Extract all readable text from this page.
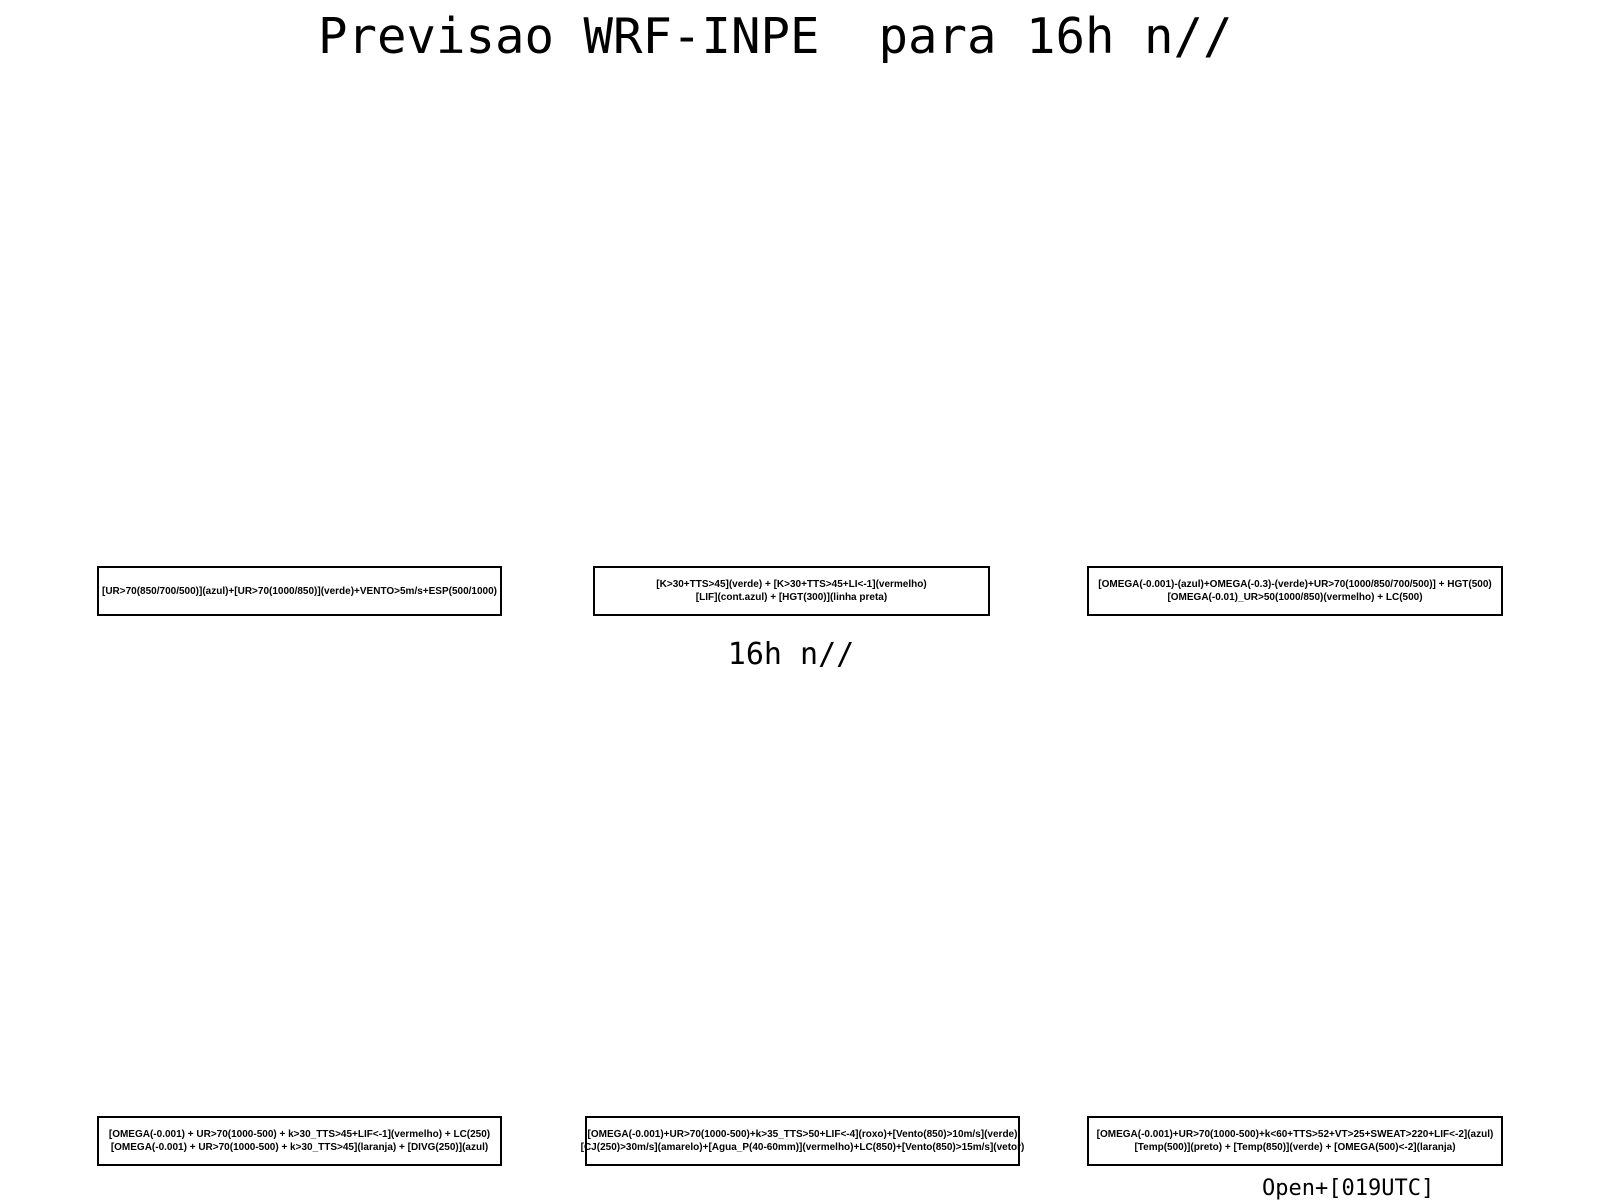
Previsao WRF-INPE  para 16h n//
[UR>70(850/700/500)](azul)+[UR>70(1000/850)](verde)+VENTO>5m/s+ESP(500/1000)
[K>30+TTS>45](verde) + [K>30+TTS>45+LI<-1](vermelho)
[LIF](cont.azul) + [HGT(300)](linha preta)
[OMEGA(-0.001)-(azul)+OMEGA(-0.3)-(verde)+UR>70(1000/850/700/500)] + HGT(500)
[OMEGA(-0.01)_UR>50(1000/850)(vermelho) + LC(500)
16h n//
[OMEGA(-0.001) + UR>70(1000-500) + k>30_TTS>45+LIF<-1](vermelho) + LC(250)
[OMEGA(-0.001) + UR>70(1000-500) + k>30_TTS>45](laranja) + [DIVG(250)](azul)
[OMEGA(-0.001)+UR>70(1000-500)+k>35_TTS>50+LIF<-4](roxo)+[Vento(850)>10m/s](verde)
[CJ(250)>30m/s](amarelo)+[Agua_P(40-60mm)](vermelho)+LC(850)+[Vento(850)>15m/s](vetor)
[OMEGA(-0.001)+UR>70(1000-500)+k<60+TTS>52+VT>25+SWEAT>220+LIF<-2](azul)
[Temp(500)](preto) + [Temp(850)](verde) + [OMEGA(500)<-2](laranja)
Open+[019UTC]
